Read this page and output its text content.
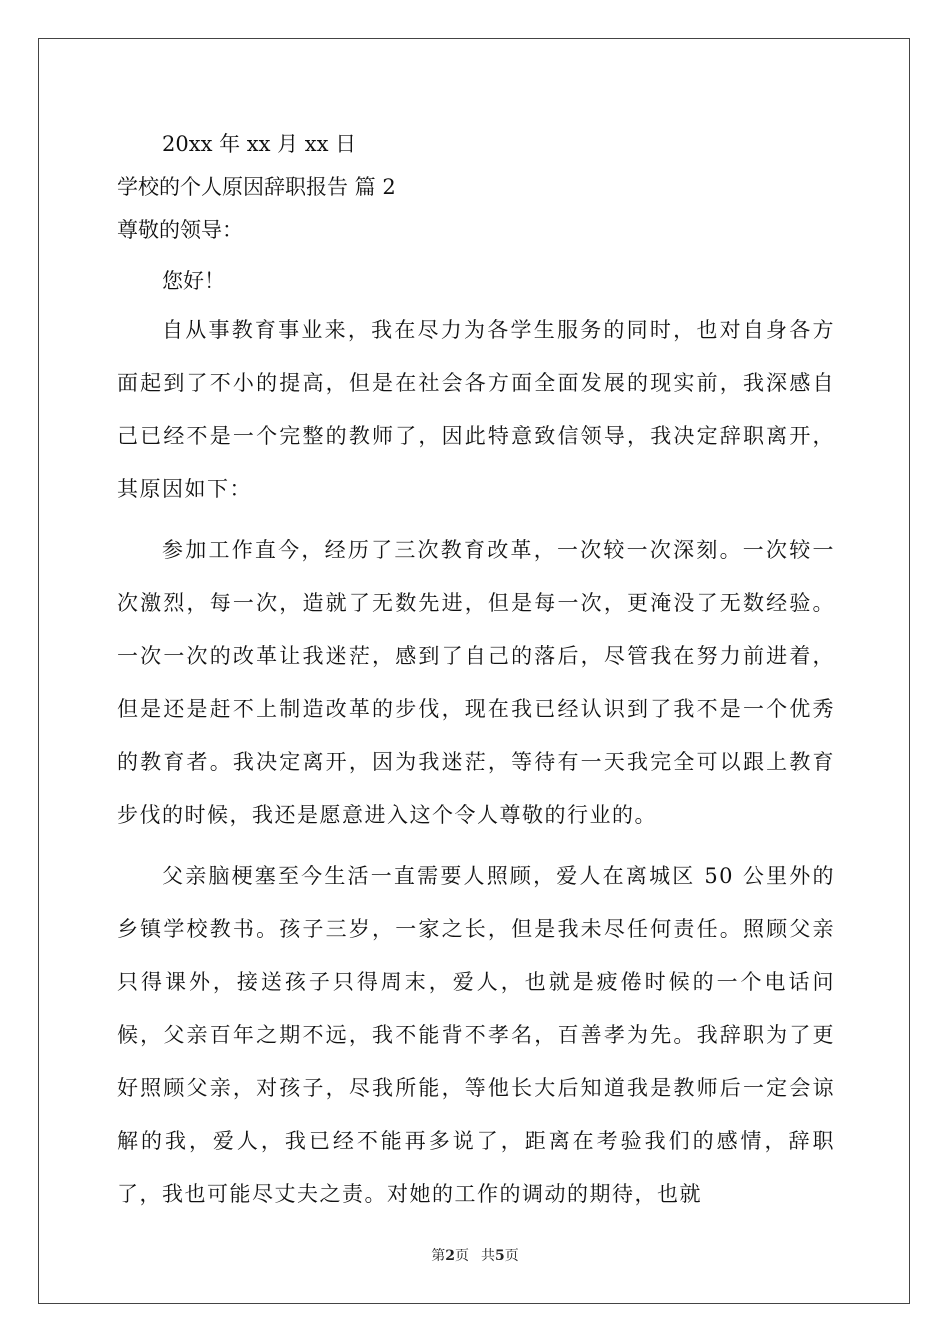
20xx 年 xx 月 xx 日

学校的个人原因辞职报告 篇 2

尊敬的领导：

您好！

自从事教育事业来，我在尽力为各学生服务的同时，也对自身各方面起到了不小的提高，但是在社会各方面全面发展的现实前，我深感自己已经不是一个完整的教师了，因此特意致信领导，我决定辞职离开，其原因如下：

参加工作直今，经历了三次教育改革，一次较一次深刻。一次较一次激烈，每一次，造就了无数先进，但是每一次，更淹没了无数经验。一次一次的改革让我迷茫，感到了自己的落后，尽管我在努力前进着，但是还是赶不上制造改革的步伐，现在我已经认识到了我不是一个优秀的教育者。我决定离开，因为我迷茫，等待有一天我完全可以跟上教育步伐的时候，我还是愿意进入这个令人尊敬的行业的。

父亲脑梗塞至今生活一直需要人照顾，爱人在离城区 50 公里外的乡镇学校教书。孩子三岁，一家之长，但是我未尽任何责任。照顾父亲只得课外，接送孩子只得周末，爱人，也就是疲倦时候的一个电话问候，父亲百年之期不远，我不能背不孝名，百善孝为先。我辞职为了更好照顾父亲，对孩子，尽我所能，等他长大后知道我是教师后一定会谅解的我，爱人，我已经不能再多说了，距离在考验我们的感情，辞职了，我也可能尽丈夫之责。对她的工作的调动的期待，也就

第2页 共5页
